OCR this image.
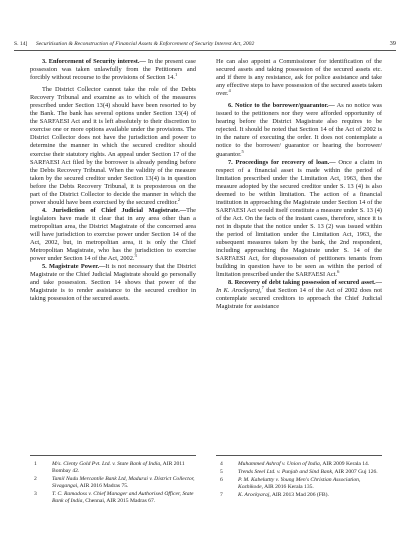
S. 14] Securitisation & Reconstruction of Financial Assets & Enforcement of Security Interest Act, 2002	39

3. Enforcement of Security interest.— In the present case possession was taken unlawfully from the Petitioners and forcibly without recourse to the provisions of Section 14.$^1$

The District Collector cannot take the role of the Debts Recovery Tribunal and examine as to which of the measures prescribed under Section 13(4) should have been resorted to by the Bank. The bank has several options under Section 13(4) of the SARFAESI Act and it is left absolutely to their discretion to exercise one or more options available under the provisions. The District Collector does not have the jurisdiction and power to determine the manner in which the secured creditor should exercise their statutory rights. An appeal under Section 17 of the SARFAESI Act filed by the borrower is already pending before the Debts Recovery Tribunal. When the validity of the measure taken by the secured creditor under Section 13(4) is in question before the Debts Recovery Tribunal, it is preposterous on the part of the District Collector to decide the manner in which the power should have been exercised by the secured creditor.$^2$

4. Jurisdiction of Chief Judicial Magistrate.—The legislators have made it clear that in any area other than a metropolitan area, the District Magistrate of the concerned area will have jurisdiction to exercise power under Section 14 of the Act, 2002, but, in metropolitan area, it is only the Chief Metropolitan Magistrate, who has the jurisdiction to exercise power under Section 14 of the Act, 2002.$^3$

5. Magistrate Power.—It is not necessary that the District Magistrate or the Chief Judicial Magistrate should go personally and take possession. Section 14 shows that power of the Magistrate is to render assistance to the secured creditor in taking possession of the secured assets.

He can also appoint a Commissioner for identification of the secured assets and taking possession of the secured assets etc. and if there is any resistance, ask for police assistance and take any effective steps to have possession of the secured assets taken over.$^4$

6. Notice to the borrower/guarantor.— As no notice was issued to the petitioners nor they were afforded opportunity of hearing before the District Magistrate also requires to be rejected. It should be noted that Section 14 of the Act of 2002 is in the nature of executing the order. It does not contemplate a notice to the borrower/ guarantor or hearing the borrower/ guarantor.$^5$

7. Proceedings for recovery of loan.— Once a claim in respect of a financial asset is made within the period of limitation prescribed under the Limitation Act, 1963, then the measure adopted by the secured creditor under S. 13 (4) is also deemed to be within limitation. The action of a financial institution in approaching the Magistrate under Section 14 of the SARFAESI Act would itself constitute a measure under S. 13 (4) of the Act. On the facts of the instant cases, therefore, since it is not in dispute that the notice under S. 13 (2) was issued within the period of limitation under the Limitation Act, 1963, the subsequent measures taken by the bank, the 2nd respondent, including approaching the Magistrate under S. 14 of the SARFAESI Act, for dispossession of petitioners tenants from building in question have to be seen as within the period of limitation prescribed under the SARFAESI Act.$^6$

8. Recovery of debt taking possession of secured asset.—In K. Arockyaraj,$^7$ that Section 14 of the Act of 2002 does not contemplate secured creditors to approach the Chief Judicial Magistrate for assistance

1	M/s. Clenty Gold Pvt. Ltd. v. State Bank of India, AIR 2011 Bombay 42.
2	Tamil Nadu Mercantile Bank Ltd, Madurai v. District Collector, Sivagangai, AIR 2016 Madras 75.
3	T. C. Ramadoss v. Chief Manager and Authorised Officer, State Bank of India, Chennai, AIR 2015 Madras 67.
4	Muhammed Ashraf v. Union of India, AIR 2009 Kerala 14.
5	Trends Steel Ltd. v. Punjab and Sind Bank, AIR 2007 Guj 126.
6	P. M. Kabeluttty v. Young Men's Christian Association, Kozhikode, AIR 2016 Kerala 135.
7	K. Arockyaraj, AIR 2013 Mad 206 (FB).
